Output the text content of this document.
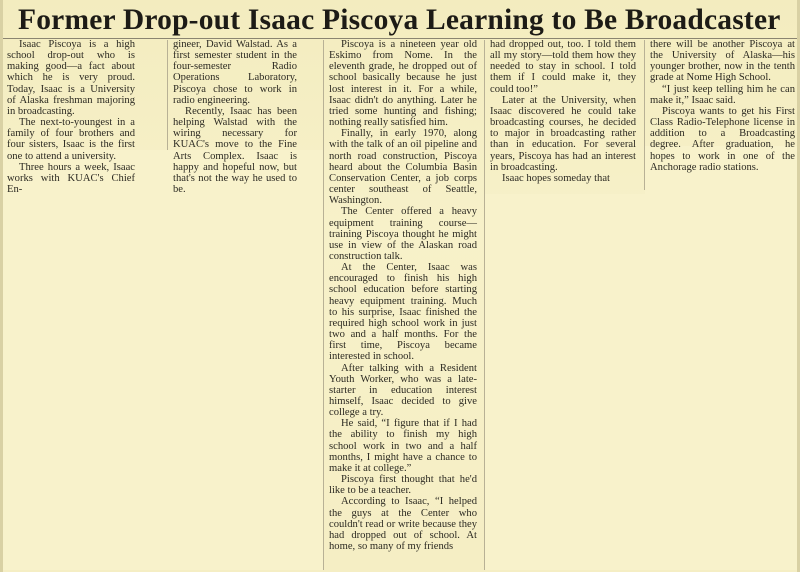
Former Drop-out Isaac Piscoya Learning to Be Broadcaster

Isaac Piscoya is a high school drop-out who is making good—a fact about which he is very proud. Today, Isaac is a University of Alaska freshman majoring in broadcasting.

The next-to-youngest in a family of four brothers and four sisters, Isaac is the first one to attend a university.

Three hours a week, Isaac works with KUAC's Chief En-

gineer, David Walstad. As a first semester student in the four-semester Radio Operations Laboratory, Piscoya chose to work in radio engineering.

Recently, Isaac has been helping Walstad with the wiring necessary for KUAC's move to the Fine Arts Complex. Isaac is happy and hopeful now, but that's not the way he used to be.

Piscoya is a nineteen year old Eskimo from Nome. In the eleventh grade, he dropped out of school basically because he just lost interest in it. For a while, Isaac didn't do anything. Later he tried some hunting and fishing; nothing really satisfied him.

Finally, in early 1970, along with the talk of an oil pipeline and north road construction, Piscoya heard about the Columbia Basin Conservation Center, a job corps center southeast of Seattle, Washington.

The Center offered a heavy equipment training course—training Piscoya thought he might use in view of the Alaskan road construction talk.

At the Center, Isaac was encouraged to finish his high school education before starting heavy equipment training. Much to his surprise, Isaac finished the required high school work in just two and a half months. For the first time, Piscoya became interested in school.

After talking with a Resident Youth Worker, who was a late-starter in education interest himself, Isaac decided to give college a try.

He said, “I figure that if I had the ability to finish my high school work in two and a half months, I might have a chance to make it at college.”

Piscoya first thought that he'd like to be a teacher.

According to Isaac, “I helped the guys at the Center who couldn't read or write because they had dropped out of school. At home, so many of my friends

had dropped out, too. I told them all my story—told them how they needed to stay in school. I told them if I could make it, they could too!”

Later at the University, when Isaac discovered he could take broadcasting courses, he decided to major in broadcasting rather than in education. For several years, Piscoya has had an interest in broadcasting.

Isaac hopes someday that

there will be another Piscoya at the University of Alaska—his younger brother, now in the tenth grade at Nome High School.

“I just keep telling him he can make it,” Isaac said.

Piscoya wants to get his First Class Radio-Telephone license in addition to a Broadcasting degree. After graduation, he hopes to work in one of the Anchorage radio stations.
